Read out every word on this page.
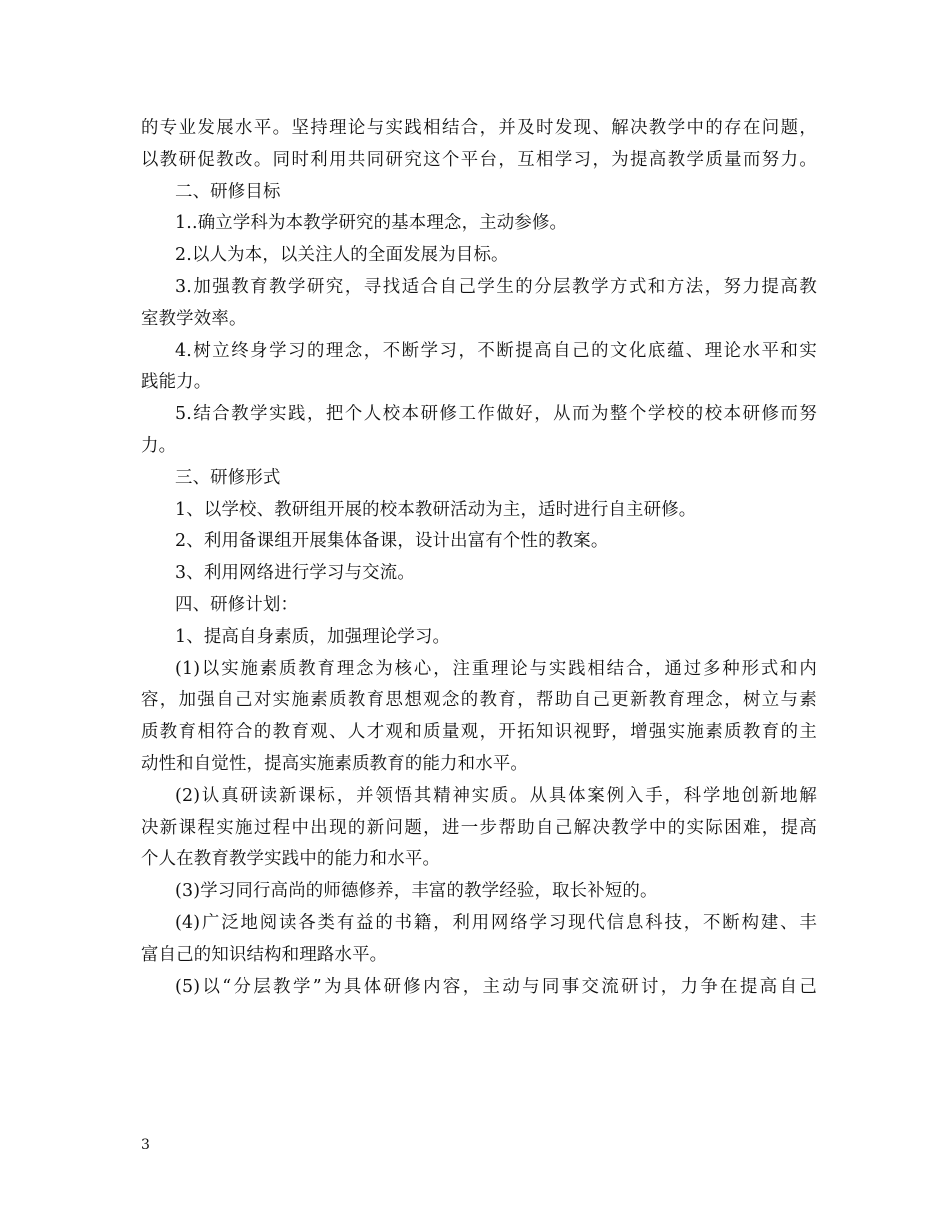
的专业发展水平。坚持理论与实践相结合，并及时发现、解决教学中的存在问题，
以教研促教改。同时利用共同研究这个平台，互相学习，为提高教学质量而努力。
二、研修目标
1..确立学科为本教学研究的基本理念，主动参修。
2.以人为本，以关注人的全面发展为目标。
3.加强教育教学研究，寻找适合自己学生的分层教学方式和方法，努力提高教
室教学效率。
4.树立终身学习的理念，不断学习，不断提高自己的文化底蕴、理论水平和实
践能力。
5.结合教学实践，把个人校本研修工作做好，从而为整个学校的校本研修而努
力。
三、研修形式
1、以学校、教研组开展的校本教研活动为主，适时进行自主研修。
2、利用备课组开展集体备课，设计出富有个性的教案。
3、利用网络进行学习与交流。
四、研修计划：
1、提高自身素质，加强理论学习。
(1)以实施素质教育理念为核心，注重理论与实践相结合，通过多种形式和内
容，加强自己对实施素质教育思想观念的教育，帮助自己更新教育理念，树立与素
质教育相符合的教育观、人才观和质量观，开拓知识视野，增强实施素质教育的主
动性和自觉性，提高实施素质教育的能力和水平。
(2)认真研读新课标，并领悟其精神实质。从具体案例入手，科学地创新地解
决新课程实施过程中出现的新问题，进一步帮助自己解决教学中的实际困难，提高
个人在教育教学实践中的能力和水平。
(3)学习同行高尚的师德修养，丰富的教学经验，取长补短的。
(4)广泛地阅读各类有益的书籍，利用网络学习现代信息科技，不断构建、丰
富自己的知识结构和理路水平。
(5)以“分层教学”为具体研修内容，主动与同事交流研讨，力争在提高自己
3
